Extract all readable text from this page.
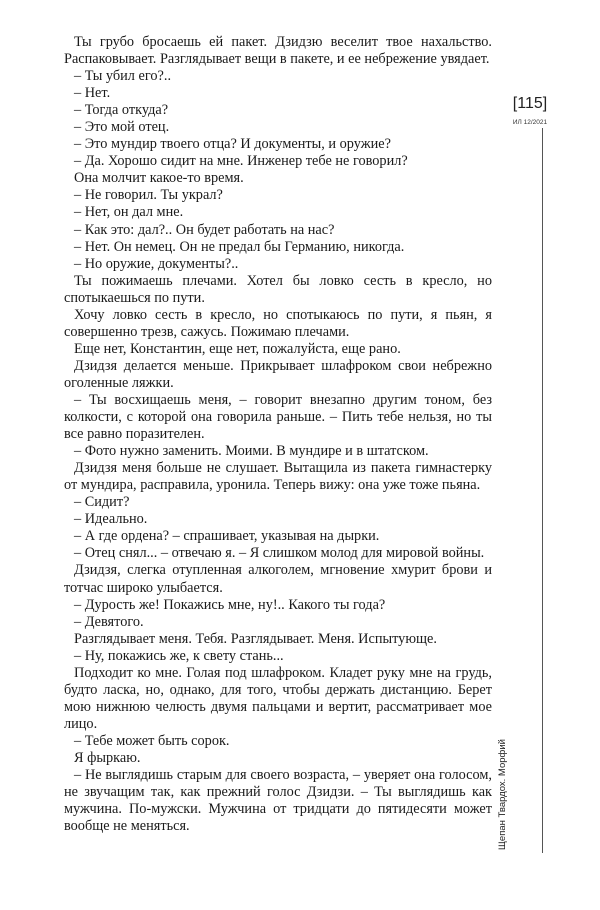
Ты грубо бросаешь ей пакет. Дзидзю веселит твое нахальство. Распаковывает. Разглядывает вещи в пакете, и ее небрежение увядает.

– Ты убил его?..

– Нет.

– Тогда откуда?

– Это мой отец.

– Это мундир твоего отца? И документы, и оружие?

– Да. Хорошо сидит на мне. Инженер тебе не говорил?

Она молчит какое-то время.

– Не говорил. Ты украл?

– Нет, он дал мне.

– Как это: дал?.. Он будет работать на нас?

– Нет. Он немец. Он не предал бы Германию, никогда.

– Но оружие, документы?..

Ты пожимаешь плечами. Хотел бы ловко сесть в кресло, но спотыкаешься по пути.

Хочу ловко сесть в кресло, но спотыкаюсь по пути, я пьян, я совершенно трезв, сажусь. Пожимаю плечами.

Еще нет, Константин, еще нет, пожалуйста, еще рано.

Дзидзя делается меньше. Прикрывает шлафроком свои небрежно оголенные ляжки.

– Ты восхищаешь меня, – говорит внезапно другим тоном, без колкости, с которой она говорила раньше. – Пить тебе нельзя, но ты все равно поразителен.

– Фото нужно заменить. Моими. В мундире и в штатском.

Дзидзя меня больше не слушает. Вытащила из пакета гимнастерку от мундира, расправила, уронила. Теперь вижу: она уже тоже пьяна.

– Сидит?

– Идеально.

– А где ордена? – спрашивает, указывая на дырки.

– Отец снял... – отвечаю я. – Я слишком молод для мировой войны.

Дзидзя, слегка отупленная алкоголем, мгновение хмурит брови и тотчас широко улыбается.

– Дурость же! Покажись мне, ну!.. Какого ты года?

– Девятого.

Разглядывает меня. Тебя. Разглядывает. Меня. Испытующе.

– Ну, покажись же, к свету стань...

Подходит ко мне. Голая под шлафроком. Кладет руку мне на грудь, будто ласка, но, однако, для того, чтобы держать дистанцию. Берет мою нижнюю челюсть двумя пальцами и вертит, рассматривает мое лицо.

– Тебе может быть сорок.

Я фыркаю.

– Не выглядишь старым для своего возраста, – уверяет она голосом, не звучащим так, как прежний голос Дзидзи. – Ты выглядишь как мужчина. По-мужски. Мужчина от тридцати до пятидесяти может вообще не меняться.

[115]
ИЛ 12/2021
Щепан Твардох. Морфий
